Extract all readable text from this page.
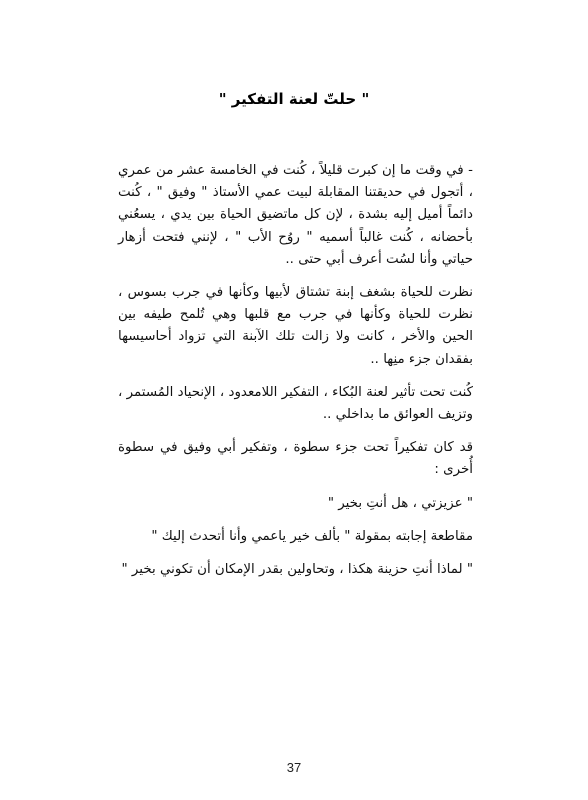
" حلتّ لعنة التفكير "

- في وقت ما إن كبرت قليلاً ، كُنت في الخامسة عشر من عمري ، أتجول في حديقتنا المقابلة لبيت عمي الأستاذ " وفيق " ، كُنت دائماً أميل إليه بشدة ، لإن كل ماتضيق الحياة بين يدي ، يسعُني بأحضانه ، كُنت غالباً أسميه " روُح الأب " ، لإنني فتحت أزهار حياتي وأنا لسُت أعرف أبي حتى ..

نظرت للحياة بشغف إبنة تشتاق لأبيها وكأنها في جرب بسوس ، نظرت للحياة وكأنها في جرب مع قلبها وهي تُلمح طيفه بين الحين والأخر ، كانت ولا زالت تلك الآبنة التي تزواد أحاسيسها بفقدان جزء منِها ..

كُنت تحت تأثير لعنة البُكاء ، التفكير اللامعدود ، الإنحياد المُستمر ، وتزيف العوائق ما بداخلي ..

قد كان تفكيراً تحت جزء سطوة ، وتفكير أبي وفيق في سطوة أُخرى :

" عزيزتي ، هل أنتِ بخير "

مقاطعة إجابته بمقولة " بألف خير ياعمي وأنا أتحدث إليك "

" لماذا أنتِ حزينة هكذا ، وتحاولين بقدر الإمكان أن تكوني بخير "

37
